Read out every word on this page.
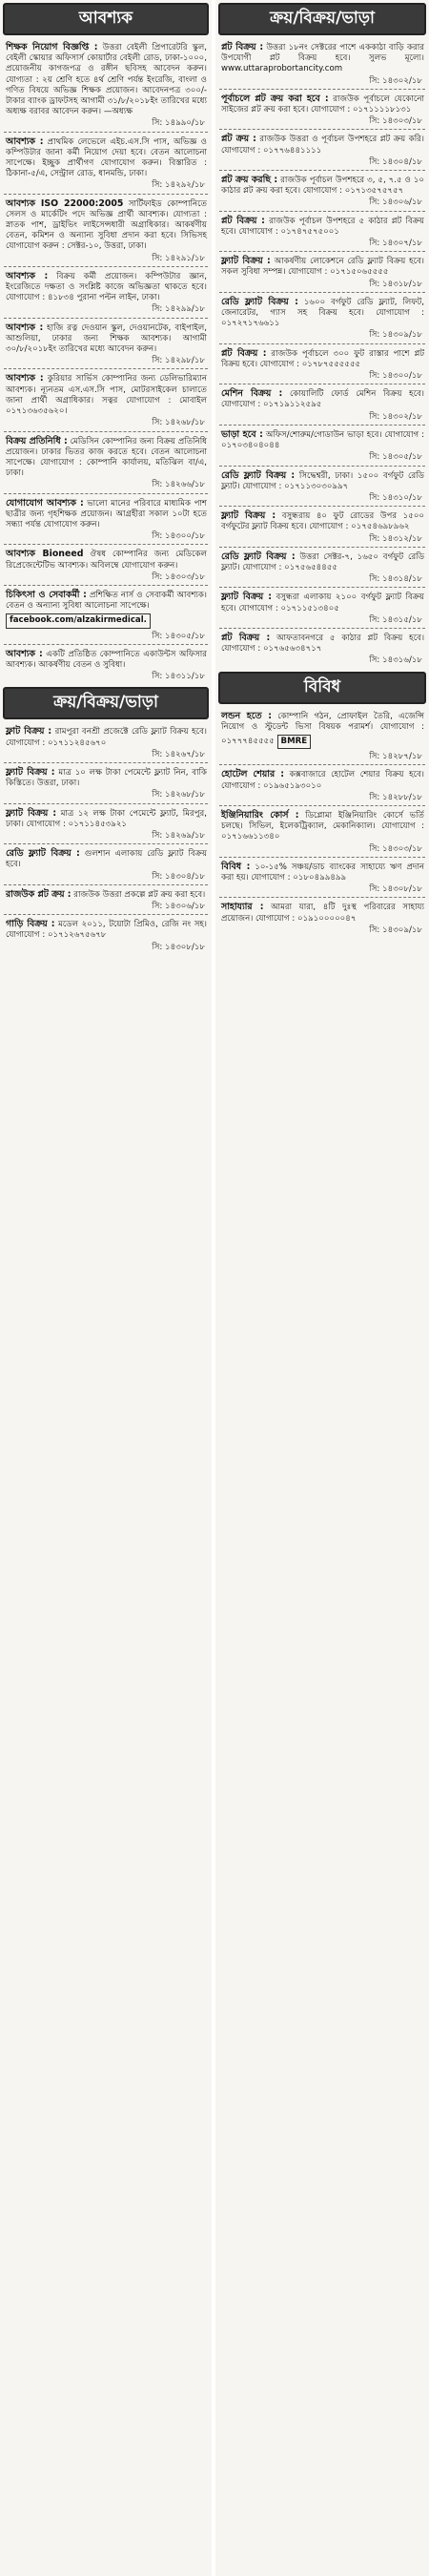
আবশ্যক
শিক্ষক নিয়োগ বিজ্ঞপ্তি : উত্তরা বেইলী প্রিপারেটরি স্কুল, বেইলী স্কোয়ার অফিসার্স কোয়ার্টার বেইলী রোড, ঢাকা-১০০০, প্রয়োজনীয় কাগজপত্র ও রঙ্গীন ছবিসহ আবেদন করুন। যোগ্যতা : ২য় শ্রেণি হতে ৪র্থ শ্রেণি পর্যন্ত ইংরেজি, বাংলা ও গণিত বিষয়ে অভিজ্ঞ শিক্ষক প্রয়োজন। আবেদনপত্র ৩০০/- টাকার ব্যাংক ড্রাফটসহ আগামী ৩১/৮/২০১৮ইং তারিখের মধ্যে অধ্যক্ষ বরাবর আবেদন করুন। —অধ্যক্ষ
সি: ১৪৯৯০/১৮
আবশ্যক : প্রাথমিক লেভেলে এইচ.এস.সি পাস, অভিজ্ঞ ও কম্পিউটার জানা কর্মী নিয়োগ দেয়া হবে। বেতন আলোচনা সাপেক্ষে। ইচ্ছুক প্রার্থীগণ যোগাযোগ করুন। বিস্তারিত : ঠিকানা-৫/এ, সেন্ট্রাল রোড, ধানমন্ডি, ঢাকা।
সি: ১৪২৯২/১৮
আবশ্যক ISO 22000:2005 সার্টিফাইড কোম্পানিতে সেলস ও মার্কেটিং পদে অভিজ্ঞ প্রার্থী আবশ্যক। যোগ্যতা : স্নাতক পাশ, ড্রাইভিং লাইসেন্সধারী অগ্রাধিকার। আকর্ষণীয় বেতন, কমিশন ও অন্যান্য সুবিধা প্রদান করা হবে। সিভিসহ যোগাযোগ করুন : সেক্টর-১০, উত্তরা, ঢাকা।
সি: ১৪২৯১/১৮
আবশ্যক : বিক্রয় কর্মী প্রয়োজন। কম্পিউটার জ্ঞান, ইংরেজিতে দক্ষতা ও সংশ্লিষ্ট কাজে অভিজ্ঞতা থাকতে হবে। যোগাযোগ : ৪১৮৩৪ পুরানা পল্টন লাইন, ঢাকা।
সি: ১৪২৯৯/১৮
আবশ্যক : হাজি রত্ন দেওয়ান স্কুল, দেওয়ানটেক, বাইপাইল, আশুলিয়া, ঢাকার জন্য শিক্ষক আবশ্যক। আগামী ৩০/৮/২০১৮ইং তারিখের মধ্যে আবেদন করুন।
সি: ১৪২৯৮/১৮
আবশ্যক : কুরিয়ার সার্ভিস কোম্পানির জন্য ডেলিভারিম্যান আবশ্যক। ন্যূনতম এস.এস.সি পাস, মোটরসাইকেল চালাতে জানা প্রার্থী অগ্রাধিকার। সত্বর যোগাযোগ : মোবাইল ০১৭১৩৬৩৫৬২০।
সি: ১৪২৬৮/১৮
বিক্রয় প্রতিনিধি : মেডিসিন কোম্পানির জন্য বিক্রয় প্রতিনিধি প্রয়োজন। ঢাকার ভিতর কাজ করতে হবে। বেতন আলোচনা সাপেক্ষে। যোগাযোগ : কোম্পানি কার্যালয়, মতিঝিল বা/এ, ঢাকা।
সি: ১৪২৬৬/১৮
যোগাযোগ আবশ্যক : ভালো মানের পরিবারে মাধ্যমিক পাশ ছাত্রীর জন্য গৃহশিক্ষক প্রয়োজন। আগ্রহীরা সকাল ১০টা হতে সন্ধ্যা পর্যন্ত যোগাযোগ করুন।
সি: ১৪৩০০/১৮
আবশ্যক Bioneed ঔষধ কোম্পানির জন্য মেডিকেল রিপ্রেজেন্টেটিভ আবশ্যক। অবিলম্বে যোগাযোগ করুন।
সি: ১৪৩০৩/১৮
চিকিৎসা ও সেবাকর্মী : প্রশিক্ষিত নার্স ও সেবাকর্মী আবশ্যক। বেতন ও অন্যান্য সুবিধা আলোচনা সাপেক্ষে।
facebook.com/alzakirmedical.
সি: ১৪৩০৫/১৮
আবশ্যক : একটি প্রতিষ্ঠিত কোম্পানিতে একাউন্টস অফিসার আবশ্যক। আকর্ষণীয় বেতন ও সুবিধা।
সি: ১৪৩১১/১৮
ক্রয়/বিক্রয়/ভাড়া
ফ্লাট বিক্রয় : রামপুরা বনশ্রী প্রজেক্টে রেডি ফ্ল্যাট বিক্রয় হবে। যোগাযোগ : ০১৭১১২৪৫৬৭০
সি: ১৪২৬৭/১৮
ফ্ল্যাট বিক্রয় : মাত্র ১০ লক্ষ টাকা পেমেন্টে ফ্ল্যাট নিন, বাকি কিস্তিতে। উত্তরা, ঢাকা।
সি: ১৪২৬৮/১৮
ফ্ল্যাট বিক্রয় : মাত্র ১২ লক্ষ টাকা পেমেন্টে ফ্ল্যাট, মিরপুর, ঢাকা। যোগাযোগ : ০১৭১১৪৫৩৯২১
সি: ১৪২৬৯/১৮
রেডি ফ্ল্যাট বিক্রয় : গুলশান এলাকায় রেডি ফ্ল্যাট বিক্রয় হবে।
সি: ১৪৩০৪/১৮
রাজউক প্লট ক্রয় : রাজউক উত্তরা প্রকল্পে প্লট ক্রয় করা হবে।
সি: ১৪৩০৬/১৮
গাড়ি বিক্রয় : মডেল ২০১১, টয়োটা প্রিমিও, রেজি নং সহ। যোগাযোগ : ০১৭১২৬৭৫৬৭৮
সি: ১৪৩০৮/১৮
ক্রয়/বিক্রয়/ভাড়া
প্লট বিক্রয় : উত্তরা ১৮নং সেক্টরের পাশে এককাঠা বাড়ি করার উপযোগী প্লট বিক্রয় হবে। সুলভ মূল্যে। www.uttaraprobortancity.com
সি: ১৪৩০২/১৮
পূর্বাচলে প্লট ক্রয় করা হবে : রাজউক পূর্বাচলে যেকোনো সাইজের প্লট ক্রয় করা হবে। যোগাযোগ : ০১৭১১১১৮১৩১
সি: ১৪৩০৩/১৮
প্লট ক্রয় : রাজউক উত্তরা ও পূর্বাচল উপশহরে প্লট ক্রয় করি। যোগাযোগ : ০১৭৭৬৪৪১১১১
সি: ১৪৩০৪/১৮
প্লট ক্রয় করছি : রাজউক পূর্বাচল উপশহরে ৩, ৫, ৭.৫ ও ১০ কাঠার প্লট ক্রয় করা হবে। যোগাযোগ : ০১৭১৩৫৭৫৭৫৭
সি: ১৪৩০৬/১৮
প্লট বিক্রয় : রাজউক পূর্বাচল উপশহরে ৫ কাঠার প্লট বিক্রয় হবে। যোগাযোগ : ০১৭৪৭৫৭৫০০১
সি: ১৪৩০৭/১৮
ফ্ল্যাট বিক্রয় : আকর্ষণীয় লোকেশনে রেডি ফ্ল্যাট বিক্রয় হবে। সকল সুবিধা সম্পন্ন। যোগাযোগ : ০১৭১৫০৬৫৫৫৫
সি: ১৪৩১৮/১৮
রেডি ফ্ল্যাট বিক্রয় : ১৬০০ বর্গফুট রেডি ফ্ল্যাট, লিফট, জেনারেটর, গ্যাস সহ বিক্রয় হবে। যোগাযোগ : ০১৭২৭১৭৬৬১১
সি: ১৪৩০৯/১৮
প্লট বিক্রয় : রাজউক পূর্বাচলে ৩০০ ফুট রাস্তার পাশে প্লট বিক্রয় হবে। যোগাযোগ : ০১৭৮৭৫৫৫৫৫৫
সি: ১৪৩০০/১৮
মেশিন বিক্রয় : কোয়ালিটি ফোর্ড মেশিন বিক্রয় হবে। যোগাযোগ : ০১৭১৯১১২৫৯৫
সি: ১৪৩০২/১৮
ভাড়া হবে : অফিস/শোরুম/গোডাউন ভাড়া হবে। যোগাযোগ : ০১৭০৩৪০৪০৪৪
সি: ১৪৩০৫/১৮
রেডি ফ্ল্যাট বিক্রয় : সিদ্ধেশ্বরী, ঢাকা। ১৫০০ বর্গফুট রেডি ফ্ল্যাট। যোগাযোগ : ০১৭১১৩০৩০৯৯৭
সি: ১৪৩১০/১৮
ফ্ল্যাট বিক্রয় : বসুন্ধরায় ৪০ ফুট রোডের উপর ১৫০০ বর্গফুটের ফ্ল্যাট বিক্রয় হবে। যোগাযোগ : ০১৭৫৪৬৯৮৯৬২
সি: ১৪৩১২/১৮
রেডি ফ্ল্যাট বিক্রয় : উত্তরা সেক্টর-৭, ১৬৫০ বর্গফুট রেডি ফ্ল্যাট। যোগাযোগ : ০১৭৫৬৫৪৪৫৫
সি: ১৪৩১৪/১৮
ফ্ল্যাট বিক্রয় : বসুন্ধরা এলাকায় ২১০০ বর্গফুট ফ্ল্যাট বিক্রয় হবে। যোগাযোগ : ০১৭১১৫১৩৪০৫
সি: ১৪৩১৫/১৮
প্লট বিক্রয় : আফতাবনগরে ৫ কাঠার প্লট বিক্রয় হবে। যোগাযোগ : ০১৭৬৫৬৩৪৭১৭
সি: ১৪৩১৬/১৮
বিবিধ
লন্ডন হতে : কোম্পানি গঠন, প্রোফাইল তৈরি, এজেন্সি নিয়োগ ও স্টুডেন্ট ভিসা বিষয়ক পরামর্শ। যোগাযোগ : ০১৭৭৭৪৫৫৫৫ BMRE
সি: ১৪২৮৭/১৮
হোটেল শেয়ার : কক্সবাজারে হোটেল শেয়ার বিক্রয় হবে। যোগাযোগ : ০১৯৬৫১৯৩০১০
সি: ১৪২৮৮/১৮
ইঞ্জিনিয়ারিং কোর্স : ডিপ্লোমা ইঞ্জিনিয়ারিং কোর্সে ভর্তি চলছে। সিভিল, ইলেকট্রিক্যাল, মেকানিক্যাল। যোগাযোগ : ০১৭১৬৬১১৩৪০
সি: ১৪৩০৩/১৮
বিবিধ : ১০-১৫% সঞ্চয়/ডাচ ব্যাংকের সাহায্যে ঋণ প্রদান করা হয়। যোগাযোগ : ০১৮০৪৯৯৪৯৯
সি: ১৪৩০৮/১৮
সাহায্যার : আমরা যারা, ৪টি দুঃস্থ পরিবারের সাহায্য প্রয়োজন। যোগাযোগ : ০১৯১০০০০০৪৭
সি: ১৪৩০৯/১৮
